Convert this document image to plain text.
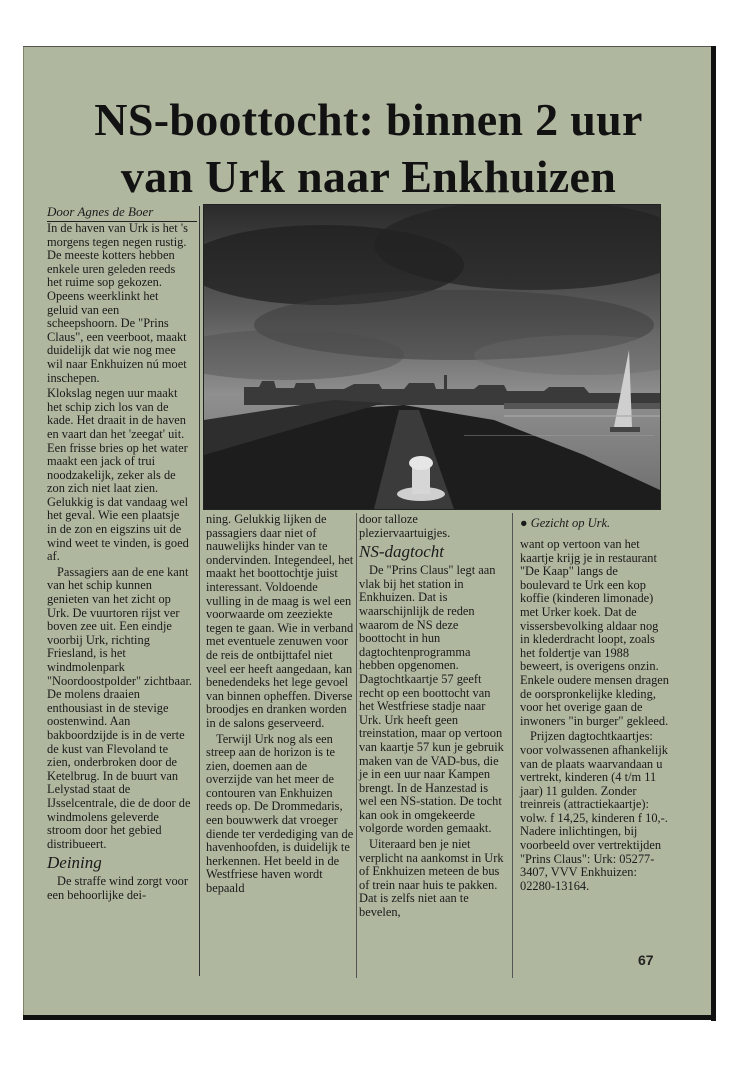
NS-boottocht: binnen 2 uur
van Urk naar Enkhuizen
Door Agnes de Boer
● Gezicht op Urk.

In de haven van Urk is het 's morgens tegen negen rustig. De meeste kotters hebben enkele uren geleden reeds het ruime sop gekozen. Opeens weerklinkt het geluid van een scheepshoorn. De "Prins Claus", een veerboot, maakt duidelijk dat wie nog mee wil naar Enkhuizen nú moet inschepen.

Klokslag negen uur maakt het schip zich los van de kade. Het draait in de haven en vaart dan het 'zeegat' uit. Een frisse bries op het water maakt een jack of trui noodzakelijk, zeker als de zon zich niet laat zien. Gelukkig is dat vandaag wel het geval. Wie een plaatsje in de zon en eigszins uit de wind weet te vinden, is goed af.

Passagiers aan de ene kant van het schip kunnen genieten van het zicht op Urk. De vuurtoren rijst ver boven zee uit. Een eindje voorbij Urk, richting Friesland, is het windmolenpark "Noordoostpolder" zichtbaar. De molens draaien enthousiast in de stevige oostenwind. Aan bakboordzijde is in de verte de kust van Flevoland te zien, onderbroken door de Ketelbrug. In de buurt van Lelystad staat de IJsselcentrale, die de door de windmolens geleverde stroom door het gebied distribueert.

Deining

De straffe wind zorgt voor een behoorlijke dei-

ning. Gelukkig lijken de passagiers daar niet of nauwelijks hinder van te ondervinden. Integendeel, het maakt het boottochtje juist interessant. Voldoende vulling in de maag is wel een voorwaarde om zeeziekte tegen te gaan. Wie in verband met eventuele zenuwen voor de reis de ontbijttafel niet veel eer heeft aangedaan, kan benedendeks het lege gevoel van binnen opheffen. Diverse broodjes en dranken worden in de salons geserveerd.

Terwijl Urk nog als een streep aan de horizon is te zien, doemen aan de overzijde van het meer de contouren van Enkhuizen reeds op. De Drommedaris, een bouwwerk dat vroeger diende ter verdediging van de havenhoofden, is duidelijk te herkennen. Het beeld in de Westfriese haven wordt bepaald

door talloze pleziervaartuigjes.

NS-dagtocht

De "Prins Claus" legt aan vlak bij het station in Enkhuizen. Dat is waarschijnlijk de reden waarom de NS deze boottocht in hun dagtochtenprogramma hebben opgenomen. Dagtochtkaartje 57 geeft recht op een boottocht van het Westfriese stadje naar Urk. Urk heeft geen treinstation, maar op vertoon van kaartje 57 kun je gebruik maken van de VAD-bus, die je in een uur naar Kampen brengt. In de Hanzestad is wel een NS-station. De tocht kan ook in omgekeerde volgorde worden gemaakt.

Uiteraard ben je niet verplicht na aankomst in Urk of Enkhuizen meteen de bus of trein naar huis te pakken. Dat is zelfs niet aan te bevelen,

want op vertoon van het kaartje krijg je in restaurant "De Kaap" langs de boulevard te Urk een kop koffie (kinderen limonade) met Urker koek. Dat de vissersbevolking aldaar nog in klederdracht loopt, zoals het foldertje van 1988 beweert, is overigens onzin. Enkele oudere mensen dragen de oorspronkelijke kleding, voor het overige gaan de inwoners "in burger" gekleed.

Prijzen dagtochtkaartjes: voor volwassenen afhankelijk van de plaats waarvandaan u vertrekt, kinderen (4 t/m 11 jaar) 11 gulden. Zonder treinreis (attractiekaartje): volw. f 14,25, kinderen f 10,-. Nadere inlichtingen, bij voorbeeld over vertrektijden "Prins Claus": Urk: 05277-3407, VVV Enkhuizen: 02280-13164.

67
